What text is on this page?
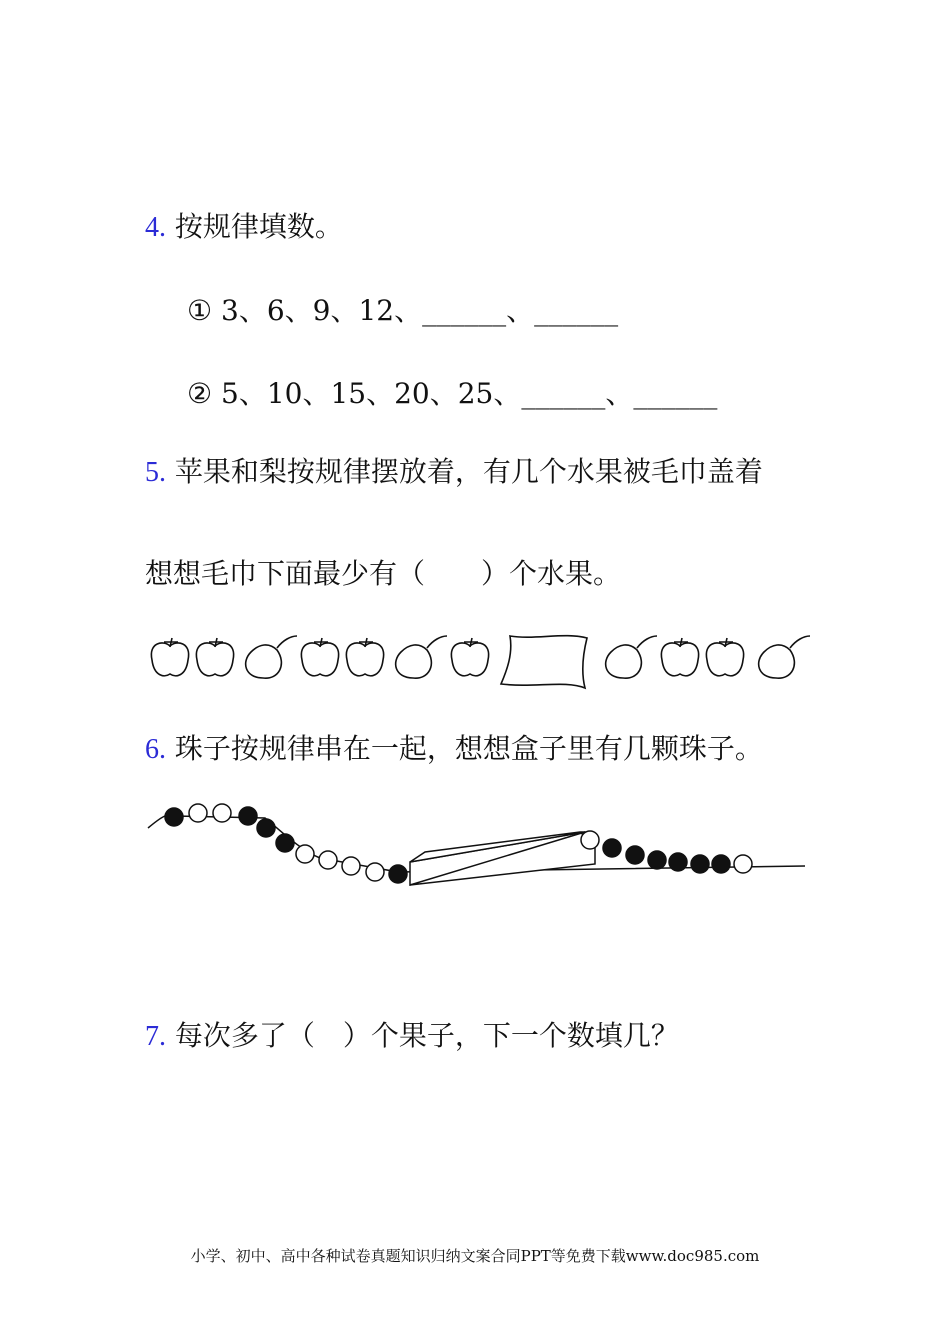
4. 按规律填数。
① 3、6、9、12、______、______
② 5、10、15、20、25、______、______
5. 苹果和梨按规律摆放着，有几个水果被毛巾盖着
想想毛巾下面最少有（　　）个水果。
6. 珠子按规律串在一起，想想盒子里有几颗珠子。
7. 每次多了（　）个果子，下一个数填几？
小学、初中、高中各种试卷真题知识归纳文案合同PPT等免费下载www.doc985.com
